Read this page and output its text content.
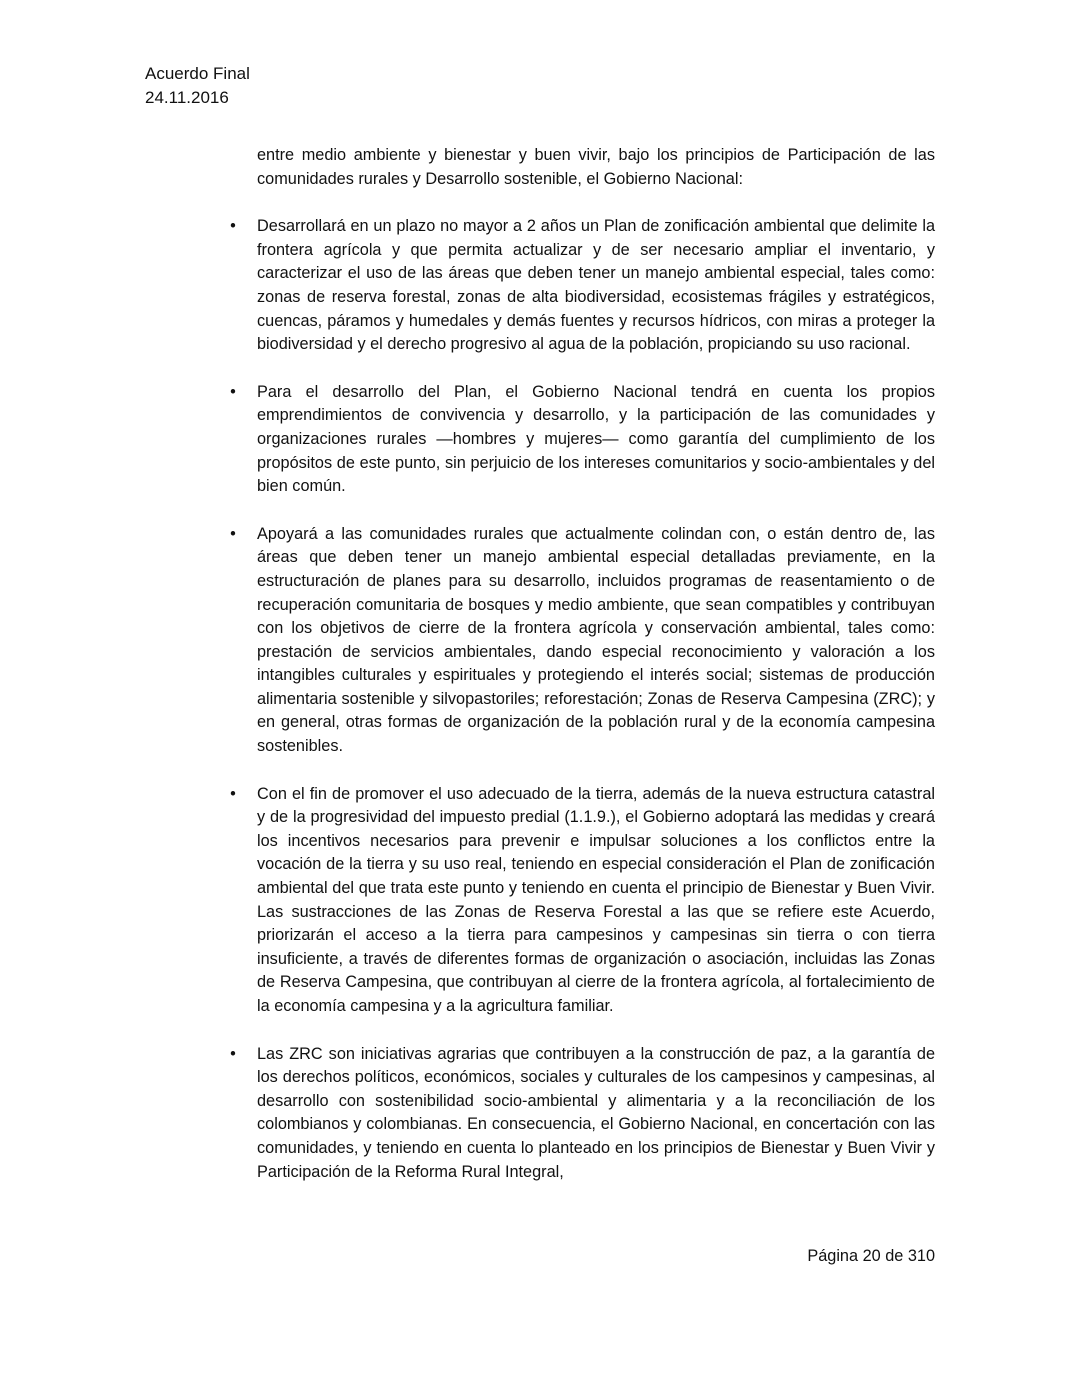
Acuerdo Final
24.11.2016

entre medio ambiente y bienestar y buen vivir, bajo los principios de Participación de las comunidades rurales y Desarrollo sostenible, el Gobierno Nacional:

• Desarrollará en un plazo no mayor a 2 años un Plan de zonificación ambiental que delimite la frontera agrícola y que permita actualizar y de ser necesario ampliar el inventario, y caracterizar el uso de las áreas que deben tener un manejo ambiental especial, tales como: zonas de reserva forestal, zonas de alta biodiversidad, ecosistemas frágiles y estratégicos, cuencas, páramos y humedales y demás fuentes y recursos hídricos, con miras a proteger la biodiversidad y el derecho progresivo al agua de la población, propiciando su uso racional.
• Para el desarrollo del Plan, el Gobierno Nacional tendrá en cuenta los propios emprendimientos de convivencia y desarrollo, y la participación de las comunidades y organizaciones rurales —hombres y mujeres— como garantía del cumplimiento de los propósitos de este punto, sin perjuicio de los intereses comunitarios y socio-ambientales y del bien común.
• Apoyará a las comunidades rurales que actualmente colindan con, o están dentro de, las áreas que deben tener un manejo ambiental especial detalladas previamente, en la estructuración de planes para su desarrollo, incluidos programas de reasentamiento o de recuperación comunitaria de bosques y medio ambiente, que sean compatibles y contribuyan con los objetivos de cierre de la frontera agrícola y conservación ambiental, tales como: prestación de servicios ambientales, dando especial reconocimiento y valoración a los intangibles culturales y espirituales y protegiendo el interés social; sistemas de producción alimentaria sostenible y silvopastoriles; reforestación; Zonas de Reserva Campesina (ZRC); y en general, otras formas de organización de la población rural y de la economía campesina sostenibles.
• Con el fin de promover el uso adecuado de la tierra, además de la nueva estructura catastral y de la progresividad del impuesto predial (1.1.9.), el Gobierno adoptará las medidas y creará los incentivos necesarios para prevenir e impulsar soluciones a los conflictos entre la vocación de la tierra y su uso real, teniendo en especial consideración el Plan de zonificación ambiental del que trata este punto y teniendo en cuenta el principio de Bienestar y Buen Vivir. Las sustracciones de las Zonas de Reserva Forestal a las que se refiere este Acuerdo, priorizarán el acceso a la tierra para campesinos y campesinas sin tierra o con tierra insuficiente, a través de diferentes formas de organización o asociación, incluidas las Zonas de Reserva Campesina, que contribuyan al cierre de la frontera agrícola, al fortalecimiento de la economía campesina y a la agricultura familiar.
• Las ZRC son iniciativas agrarias que contribuyen a la construcción de paz, a la garantía de los derechos políticos, económicos, sociales y culturales de los campesinos y campesinas, al desarrollo con sostenibilidad socio-ambiental y alimentaria y a la reconciliación de los colombianos y colombianas. En consecuencia, el Gobierno Nacional, en concertación con las comunidades, y teniendo en cuenta lo planteado en los principios de Bienestar y Buen Vivir y Participación de la Reforma Rural Integral,
Página 20 de 310
